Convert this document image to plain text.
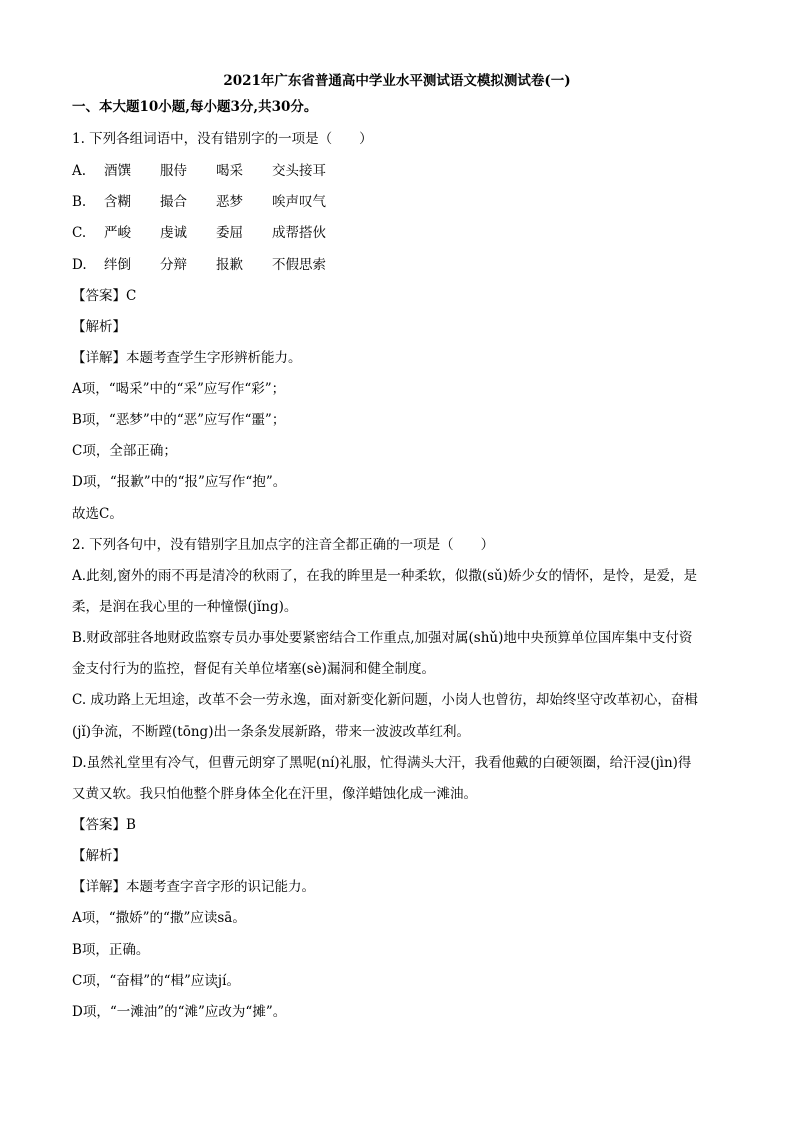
2021年广东省普通高中学业水平测试语文模拟测试卷(一)
一、本大题10小题,每小题3分,共30分。
1. 下列各组词语中，没有错别字的一项是（　　）
A. 酒馔 服侍 喝采 交头接耳
B. 含糊 撮合 恶梦 唉声叹气
C. 严峻 虔诚 委屈 成帮搭伙
D. 绊倒 分辩 报歉 不假思索
【答案】C
【解析】
【详解】本题考查学生字形辨析能力。
A项，“喝采”中的“采”应写作“彩”；
B项，“恶梦”中的“恶”应写作“噩”；
C项，全部正确；
D项，“报歉”中的“报”应写作“抱”。
故选C。
2. 下列各句中，没有错别字且加点字的注音全都正确的一项是（　　）
A.此刻,窗外的雨不再是清冷的秋雨了，在我的眸里是一种柔软，似撒(sǔ)娇少女的情怀，是怜，是爱，是
柔，是润在我心里的一种憧憬(jǐng)。
B.财政部驻各地财政监察专员办事处要紧密结合工作重点,加强对属(shǔ)地中央预算单位国库集中支付资
金支付行为的监控，督促有关单位堵塞(sè)漏洞和健全制度。
C. 成功路上无坦途，改革不会一劳永逸，面对新变化新问题，小岗人也曾彷，却始终坚守改革初心，奋楫
(jǐ)争流，不断蹚(tōng)出一条条发展新路，带来一波波改革红利。
D.虽然礼堂里有冷气，但曹元朗穿了黑呢(ní)礼服，忙得满头大汗，我看他戴的白硬领圈，给汗浸(jìn)得
又黄又软。我只怕他整个胖身体全化在汗里，像洋蜡蚀化成一滩油。
【答案】B
【解析】
【详解】本题考查字音字形的识记能力。
A项，“撒娇”的“撒”应读sā。
B项，正确。
C项，“奋楫”的“楫”应读jí。
D项，“一滩油”的“滩”应改为“摊”。
